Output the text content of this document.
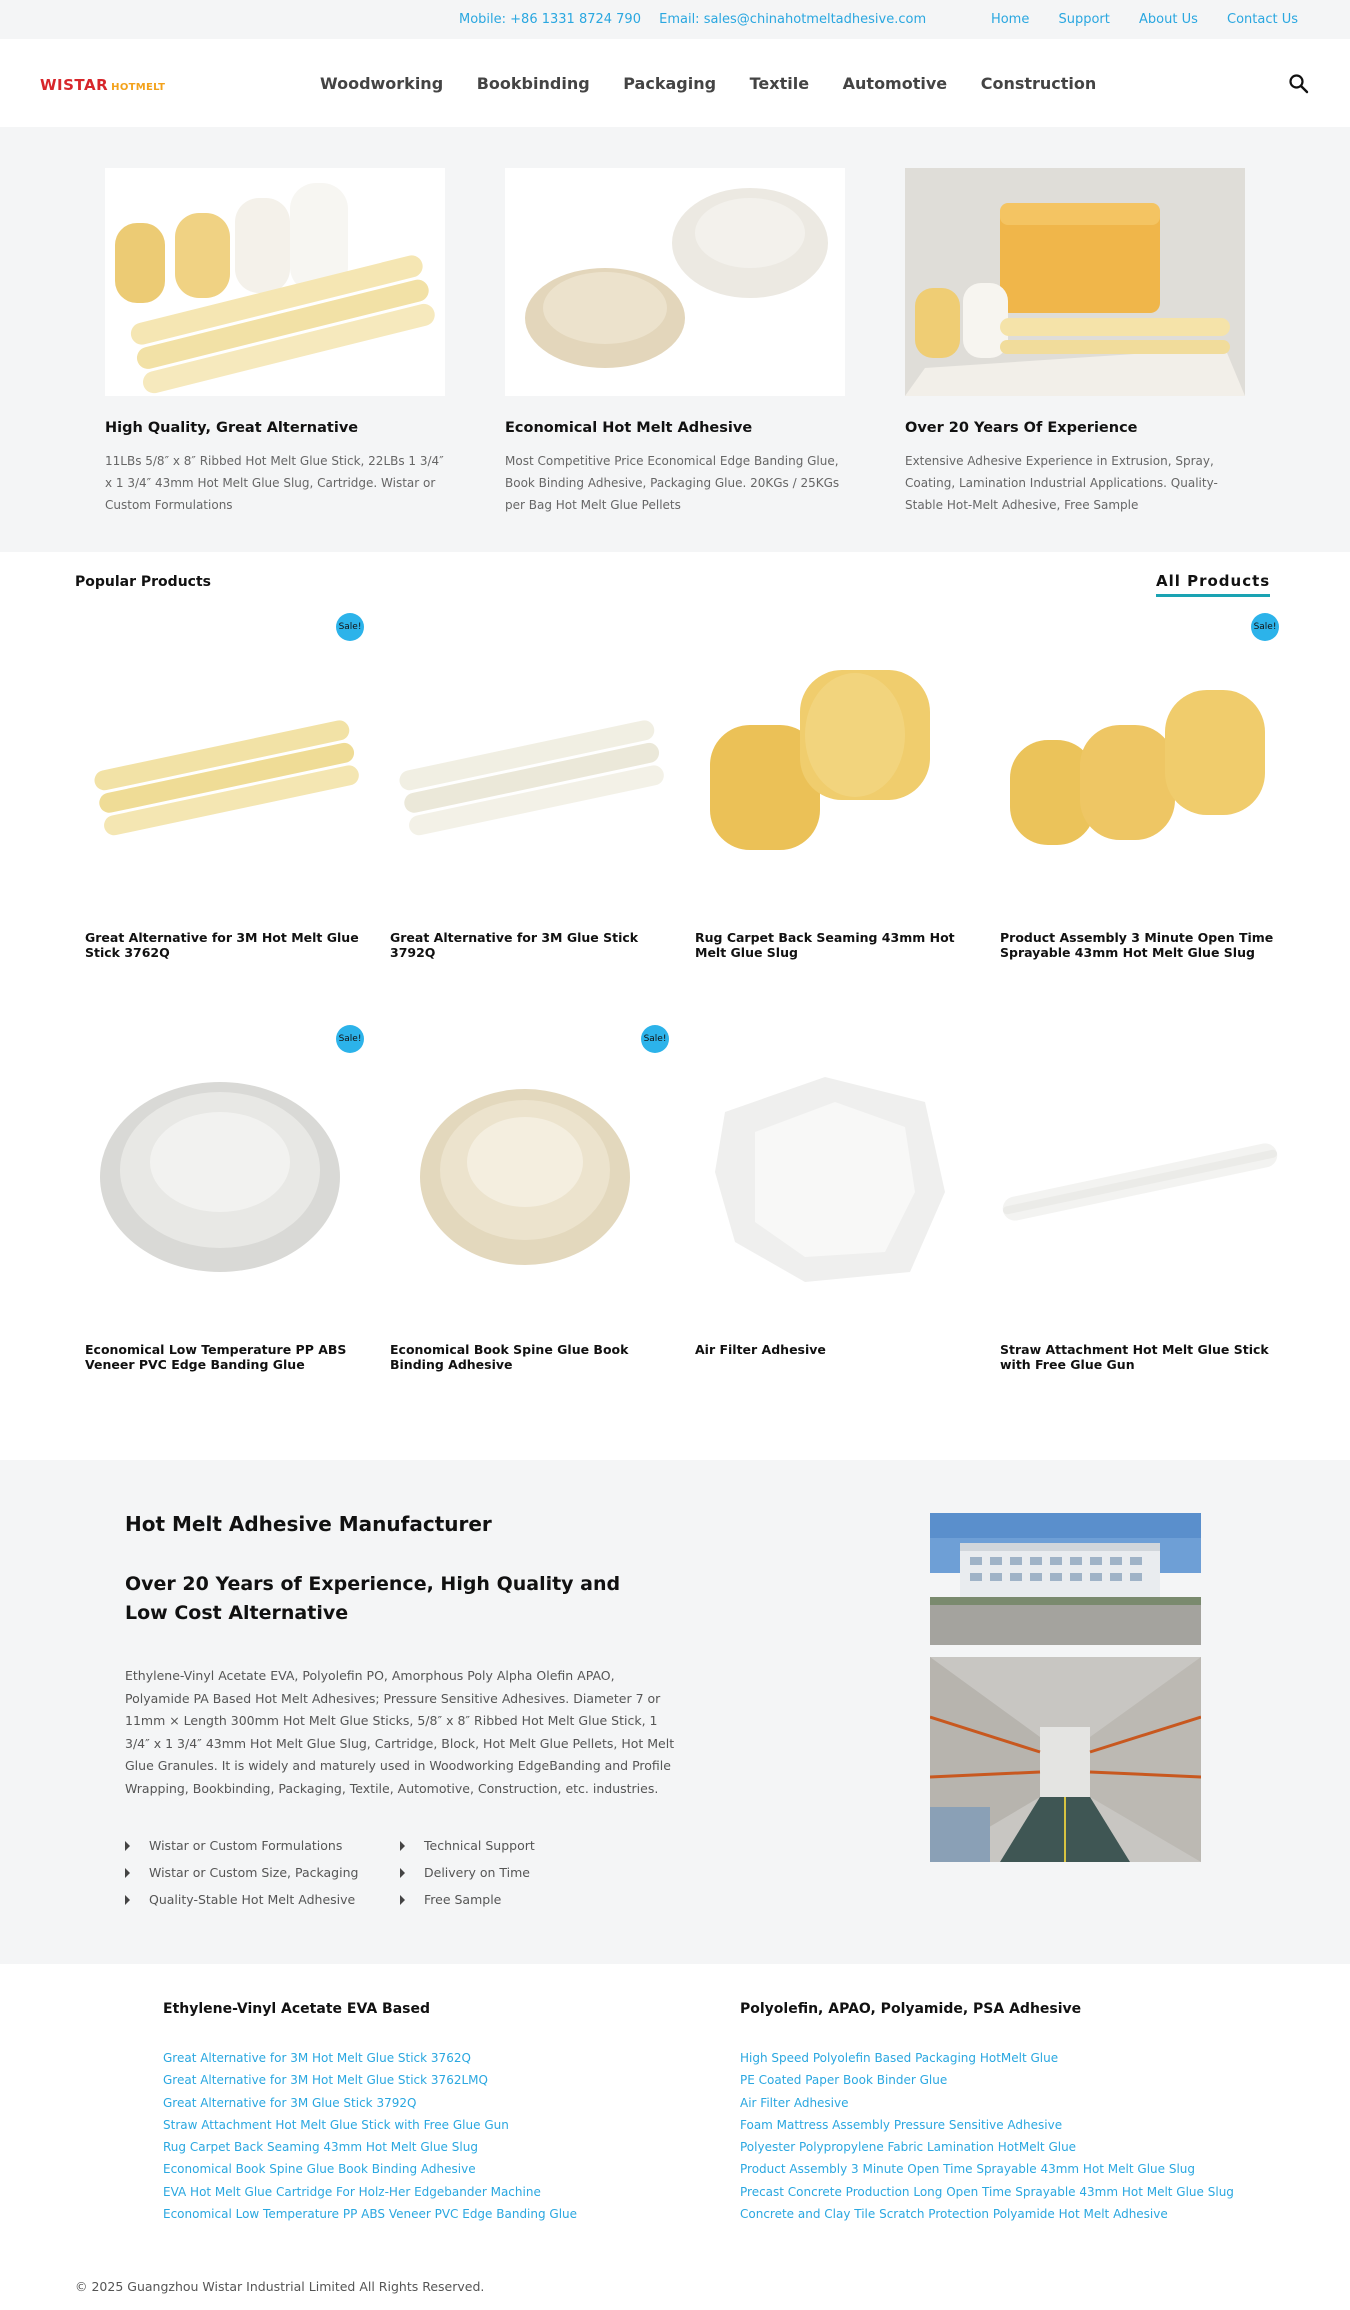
Mobile: +86 1331 8724 790 Email: sales@chinahotmeltadhesive.com	Home Support About Us Contact Us
WISTAR HOTMELT	Woodworking Bookbinding Packaging Textile Automotive Construction
High Quality, Great Alternative

11LBs 5/8″ x 8″ Ribbed Hot Melt Glue Stick, 22LBs 1 3/4″ x 1 3/4″ 43mm Hot Melt Glue Slug, Cartridge. Wistar or Custom Formulations

Economical Hot Melt Adhesive

Most Competitive Price Economical Edge Banding Glue, Book Binding Adhesive, Packaging Glue. 20KGs / 25KGs per Bag Hot Melt Glue Pellets

Over 20 Years Of Experience

Extensive Adhesive Experience in Extrusion, Spray, Coating, Lamination Industrial Applications. Quality-Stable Hot-Melt Adhesive, Free Sample

Popular Products	All Products
Great Alternative for 3M Hot Melt Glue Stick 3762Q
Sale!
Great Alternative for 3M Glue Stick 3792Q
Rug Carpet Back Seaming 43mm Hot Melt Glue Slug
Product Assembly 3 Minute Open Time Sprayable 43mm Hot Melt Glue Slug
Sale!
Economical Low Temperature PP ABS Veneer PVC Edge Banding Glue
Sale!
Economical Book Spine Glue Book Binding Adhesive
Sale!
Air Filter Adhesive	Straw Attachment Hot Melt Glue Stick with Free Glue Gun
Hot Melt Adhesive Manufacturer
Over 20 Years of Experience, High Quality and Low Cost Alternative

Ethylene-Vinyl Acetate EVA, Polyolefin PO, Amorphous Poly Alpha Olefin APAO, Polyamide PA Based Hot Melt Adhesives; Pressure Sensitive Adhesives. Diameter 7 or 11mm × Length 300mm Hot Melt Glue Sticks, 5/8″ x 8″ Ribbed Hot Melt Glue Stick, 1 3/4″ x 1 3/4″ 43mm Hot Melt Glue Slug, Cartridge, Block, Hot Melt Glue Pellets, Hot Melt Glue Granules. It is widely and maturely used in Woodworking EdgeBanding and Profile Wrapping, Bookbinding, Packaging, Textile, Automotive, Construction, etc. industries.

Wistar or Custom Formulations
Wistar or Custom Size, Packaging
Quality-Stable Hot Melt Adhesive
Technical Support
Delivery on Time
Free Sample
Ethylene-Vinyl Acetate EVA Based
Great Alternative for 3M Hot Melt Glue Stick 3762Q
Great Alternative for 3M Hot Melt Glue Stick 3762LMQ
Great Alternative for 3M Glue Stick 3792Q
Straw Attachment Hot Melt Glue Stick with Free Glue Gun
Rug Carpet Back Seaming 43mm Hot Melt Glue Slug
Economical Book Spine Glue Book Binding Adhesive
EVA Hot Melt Glue Cartridge For Holz-Her Edgebander Machine
Economical Low Temperature PP ABS Veneer PVC Edge Banding Glue
Polyolefin, APAO, Polyamide, PSA Adhesive
High Speed Polyolefin Based Packaging HotMelt Glue
PE Coated Paper Book Binder Glue
Air Filter Adhesive
Foam Mattress Assembly Pressure Sensitive Adhesive
Polyester Polypropylene Fabric Lamination HotMelt Glue
Product Assembly 3 Minute Open Time Sprayable 43mm Hot Melt Glue Slug
Precast Concrete Production Long Open Time Sprayable 43mm Hot Melt Glue Slug
Concrete and Clay Tile Scratch Protection Polyamide Hot Melt Adhesive
© 2025 Guangzhou Wistar Industrial Limited All Rights Reserved.
